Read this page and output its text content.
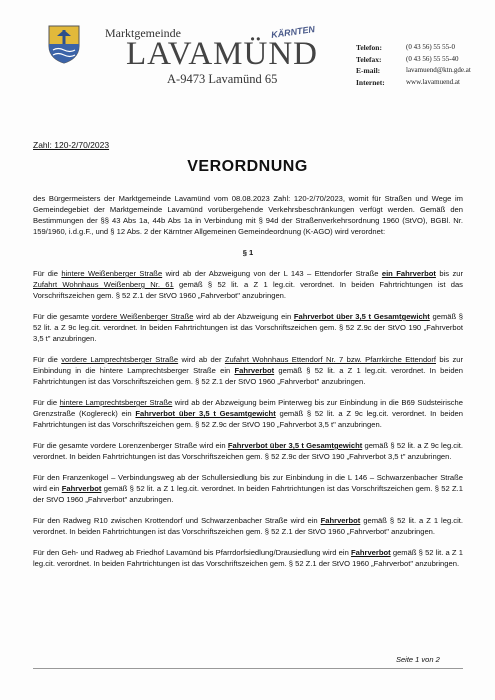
Marktgemeinde
LAVAMÜND
A-9473 Lavamünd 65
KÄRNTEN
Telefon:	(0 43 56) 55 55-0
Telefax:	(0 43 56) 55 55-40
E-mail:	lavamuend@ktn.gde.at
Internet:	www.lavamuend.at
Zahl: 120-2/70/2023
VERORDNUNG

des Bürgermeisters der Marktgemeinde Lavamünd vom 08.08.2023 Zahl: 120-2/70/2023, womit für Straßen und Wege im Gemeindegebiet der Marktgemeinde Lavamünd vorübergehende Verkehrsbeschränkungen verfügt werden. Gemäß den Bestimmungen der §§ 43 Abs 1a, 44b Abs 1a in Verbindung mit § 94d der Straßenverkehrsordnung 1960 (StVO), BGBl. Nr. 159/1960, i.d.g.F., und § 12 Abs. 2 der Kärntner Allgemeinen Gemeindeordnung (K-AGO) wird verordnet:

§ 1

Für die hintere Weißenberger Straße wird ab der Abzweigung von der L 143 – Ettendorfer Straße ein Fahrverbot bis zur Zufahrt Wohnhaus Weißenberg Nr. 61 gemäß § 52 lit. a Z 1 leg.cit. verordnet. In beiden Fahrtrichtungen ist das Vorschriftszeichen gem. § 52 Z.1 der StVO 1960 „Fahrverbot" anzubringen.

Für die gesamte vordere Weißenberger Straße wird ab der Abzweigung ein Fahrverbot über 3,5 t Gesamtgewicht gemäß § 52 lit. a Z 9c leg.cit. verordnet. In beiden Fahrtrichtungen ist das Vorschriftszeichen gem. § 52 Z.9c der StVO 190 „Fahrverbot 3,5 t" anzubringen.

Für die vordere Lamprechtsberger Straße wird ab der Zufahrt Wohnhaus Ettendorf Nr. 7 bzw. Pfarrkirche Ettendorf bis zur Einbindung in die hintere Lamprechtsberger Straße ein Fahrverbot gemäß § 52 lit. a Z 1 leg.cit. verordnet. In beiden Fahrtrichtungen ist das Vorschriftszeichen gem. § 52 Z.1 der StVO 1960 „Fahrverbot" anzubringen.

Für die hintere Lamprechtsberger Straße wird ab der Abzweigung beim Pinterweg bis zur Einbindung in die B69 Südsteirische Grenzstraße (Koglereck) ein Fahrverbot über 3,5 t Gesamtgewicht gemäß § 52 lit. a Z 9c leg.cit. verordnet. In beiden Fahrtrichtungen ist das Vorschriftszeichen gem. § 52 Z.9c der StVO 190 „Fahrverbot 3,5 t" anzubringen.

Für die gesamte vordere Lorenzenberger Straße wird ein Fahrverbot über 3,5 t Gesamtgewicht gemäß § 52 lit. a Z 9c leg.cit. verordnet. In beiden Fahrtrichtungen ist das Vorschriftszeichen gem. § 52 Z.9c der StVO 190 „Fahrverbot 3,5 t" anzubringen.

Für den Franzenkogel – Verbindungsweg ab der Schullersiedlung bis zur Einbindung in die L 146 – Schwarzenbacher Straße wird ein Fahrverbot gemäß § 52 lit. a Z 1 leg.cit. verordnet. In beiden Fahrtrichtungen ist das Vorschriftszeichen gem. § 52 Z.1 der StVO 1960 „Fahrverbot" anzubringen.

Für den Radweg R10 zwischen Krottendorf und Schwarzenbacher Straße wird ein Fahrverbot gemäß § 52 lit. a Z 1 leg.cit. verordnet. In beiden Fahrtrichtungen ist das Vorschriftszeichen gem. § 52 Z.1 der StVO 1960 „Fahrverbot" anzubringen.

Für den Geh- und Radweg ab Friedhof Lavamünd bis Pfarrdorfsiedlung/Drausiedlung wird ein Fahrverbot gemäß § 52 lit. a Z 1 leg.cit. verordnet. In beiden Fahrtrichtungen ist das Vorschriftszeichen gem. § 52 Z.1 der StVO 1960 „Fahrverbot" anzubringen.

Seite 1 von 2
